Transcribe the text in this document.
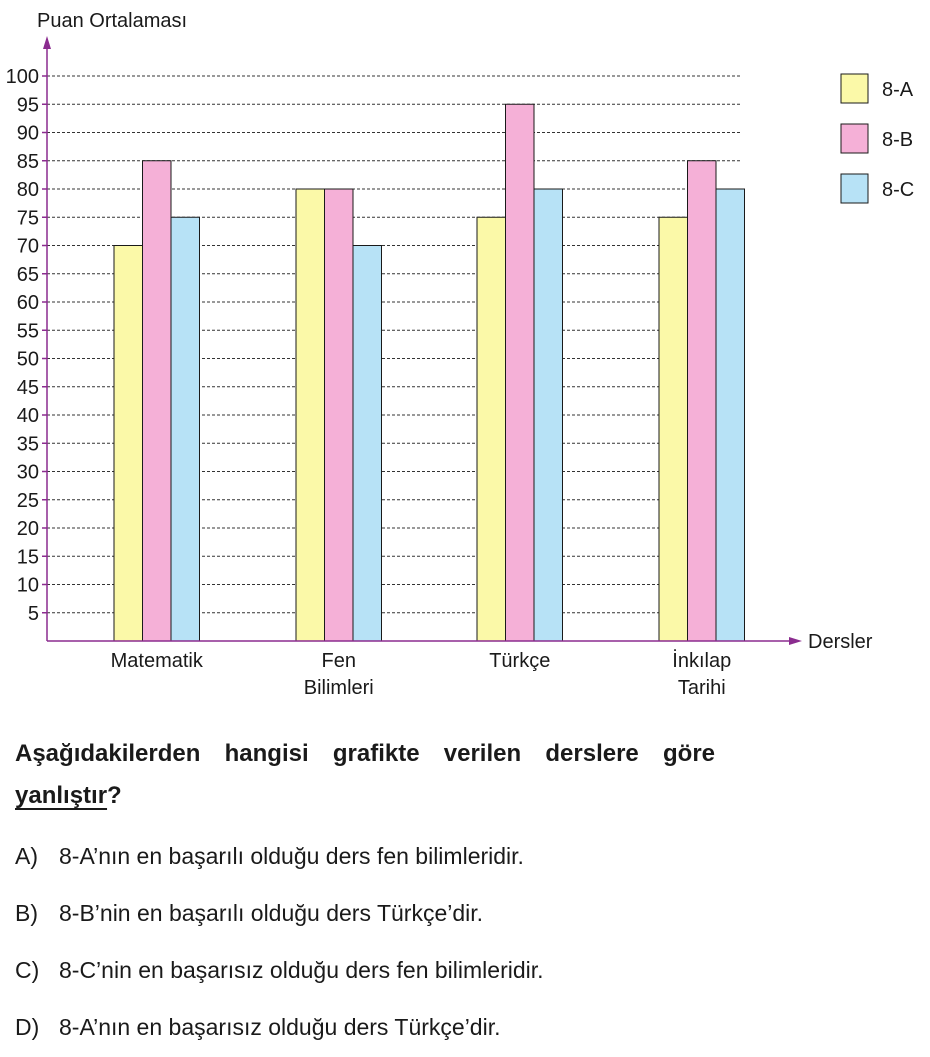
5
10
15
20
25
30
35
40
45
50
55
60
65
70
75
80
85
90
95
100
Puan Ortalaması
Dersler
Matematik	Fen
Bilimleri
Türkçe	İnkılap
Tarihi
8-A
8-B
8-C
Aşağıdakilerden hangisi grafikte verilen derslere göre yanlıştır?
A) 8-A’nın en başarılı olduğu ders fen bilimleridir.
B) 8-B’nin en başarılı olduğu ders Türkçe’dir.
C) 8-C’nin en başarısız olduğu ders fen bilimleridir.
D) 8-A’nın en başarısız olduğu ders Türkçe’dir.
